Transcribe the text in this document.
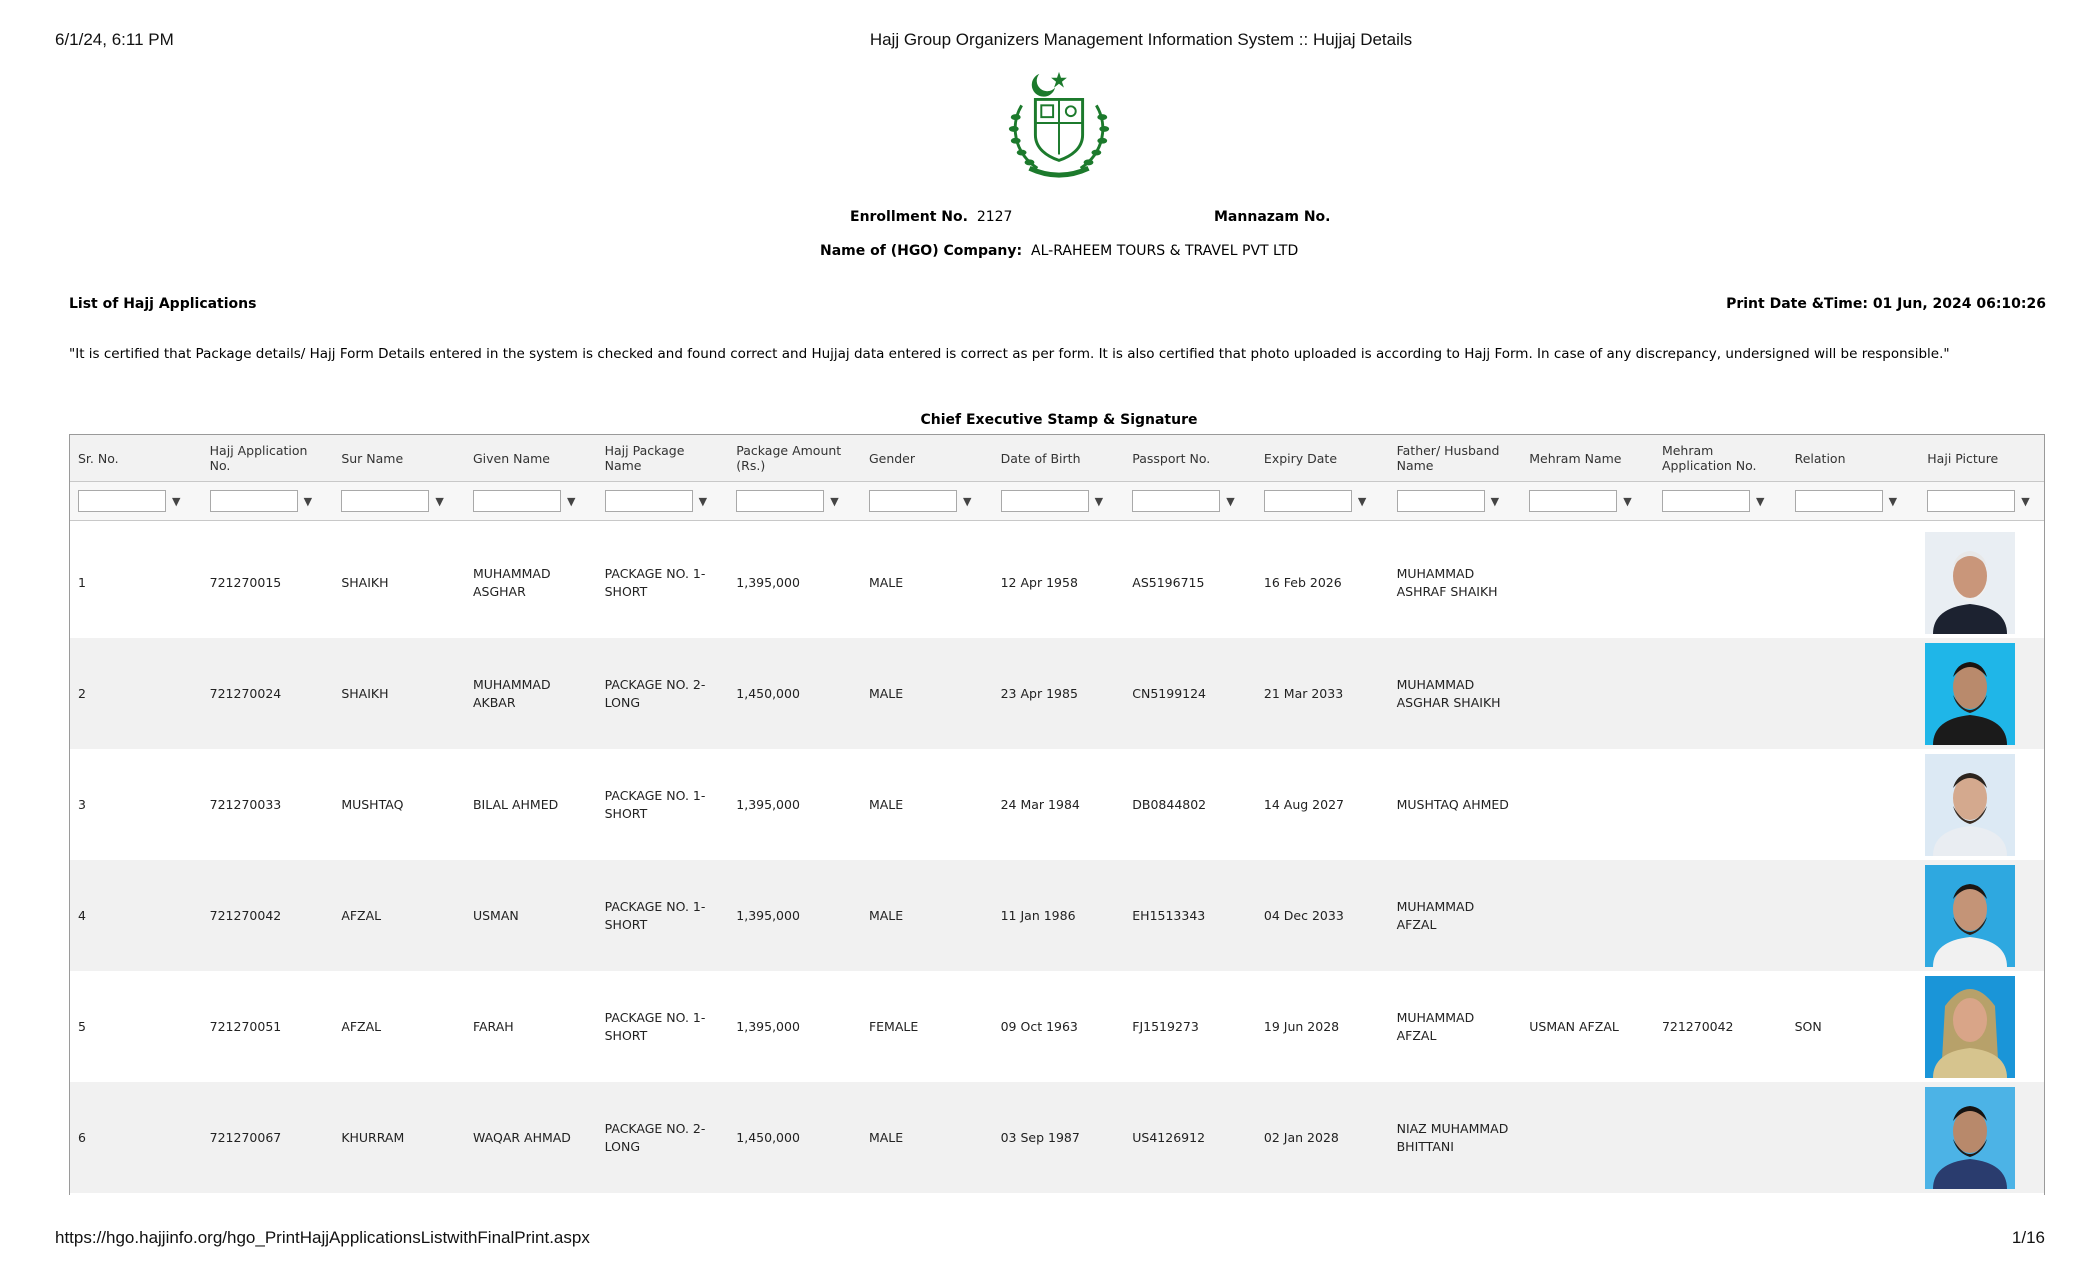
6/1/24, 6:11 PM	Hajj Group Organizers Management Information System :: Hujjaj Details
Enrollment No. 2127	Mannazam No.
Name of (HGO) Company: AL-RAHEEM TOURS & TRAVEL PVT LTD
List of Hajj Applications	Print Date &Time: 01 Jun, 2024 06:10:26
"It is certified that Package details/ Hajj Form Details entered in the system is checked and found correct and Hujjaj data entered is correct as per form. It is also certified that photo uploaded is according to Hajj Form. In case of any discrepancy, undersigned will be responsible."
Chief Executive Stamp & Signature
Sr. No.	Hajj Application No.	Sur Name	Given Name	Hajj Package Name	Package Amount (Rs.)	Gender	Date of Birth	Passport No.	Expiry Date	Father/ Husband Name	Mehram Name	Mehram Application No.	Relation	Haji Picture

▼	▼	▼	▼	▼	▼	▼	▼	▼	▼	▼	▼	▼	▼	▼

1	721270015	SHAIKH	MUHAMMAD ASGHAR	PACKAGE NO. 1-SHORT	1,395,000	MALE	12 Apr 1958	AS5196715	16 Feb 2026	MUHAMMAD ASHRAF SHAIKH				

2	721270024	SHAIKH	MUHAMMAD AKBAR	PACKAGE NO. 2-LONG	1,450,000	MALE	23 Apr 1985	CN5199124	21 Mar 2033	MUHAMMAD ASGHAR SHAIKH				

3	721270033	MUSHTAQ	BILAL AHMED	PACKAGE NO. 1-SHORT	1,395,000	MALE	24 Mar 1984	DB0844802	14 Aug 2027	MUSHTAQ AHMED				

4	721270042	AFZAL	USMAN	PACKAGE NO. 1-SHORT	1,395,000	MALE	11 Jan 1986	EH1513343	04 Dec 2033	MUHAMMAD AFZAL				

5	721270051	AFZAL	FARAH	PACKAGE NO. 1-SHORT	1,395,000	FEMALE	09 Oct 1963	FJ1519273	19 Jun 2028	MUHAMMAD AFZAL	USMAN AFZAL	721270042	SON	

6	721270067	KHURRAM	WAQAR AHMAD	PACKAGE NO. 2-LONG	1,450,000	MALE	03 Sep 1987	US4126912	02 Jan 2028	NIAZ MUHAMMAD BHITTANI				
https://hgo.hajjinfo.org/hgo_PrintHajjApplicationsListwithFinalPrint.aspx	1/16
